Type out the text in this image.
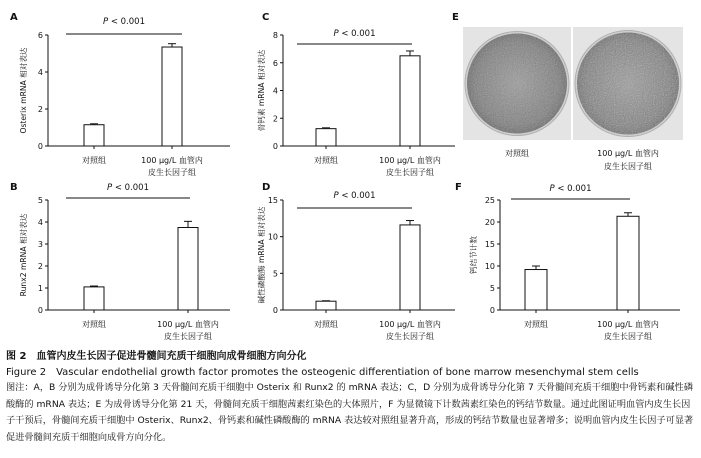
A
0
2
4
6
Osterix mRNA 相对表达
对照组	100 μg/L 血管内
皮生长因子组
P < 0.001
B
0
1
2
3
4
5
Runx2 mRNA 相对表达
对照组	100 μg/L 血管内
皮生长因子组
P < 0.001
C
0
2
4
6
8
骨钙素 mRNA 相对表达
对照组	100 μg/L 血管内
皮生长因子组
P < 0.001
D
0
5
10
15
碱性磷酸酶 mRNA 相对表达
对照组	100 μg/L 血管内
皮生长因子组
P < 0.001
F
0
5
10
15
20
25
钙结节计数
对照组	100 μg/L 血管内
皮生长因子组
P < 0.001
E
对照组	100 μg/L 血管内
皮生长因子组

图 2　血管内皮生长因子促进骨髓间充质干细胞向成骨细胞方向分化

Figure 2　Vascular endothelial growth factor promotes the osteogenic differentiation of bone marrow mesenchymal stem cells

图注：A，B 分别为成骨诱导分化第 3 天骨髓间充质干细胞中 Osterix 和 Runx2 的 mRNA 表达；C，D 分别为成骨诱导分化第 7 天骨髓间充质干细胞中骨钙素和碱性磷酸酶的 mRNA 表达；E 为成骨诱导分化第 21 天，骨髓间充质干细胞茜素红染色的大体照片，F 为显微镜下计数茜素红染色的钙结节数量。通过此图证明血管内皮生长因子干预后，骨髓间充质干细胞中 Osterix、Runx2、骨钙素和碱性磷酸酶的 mRNA 表达较对照组显著升高，形成的钙结节数量也显著增多；说明血管内皮生长因子可显著促进骨髓间充质干细胞向成骨方向分化。
